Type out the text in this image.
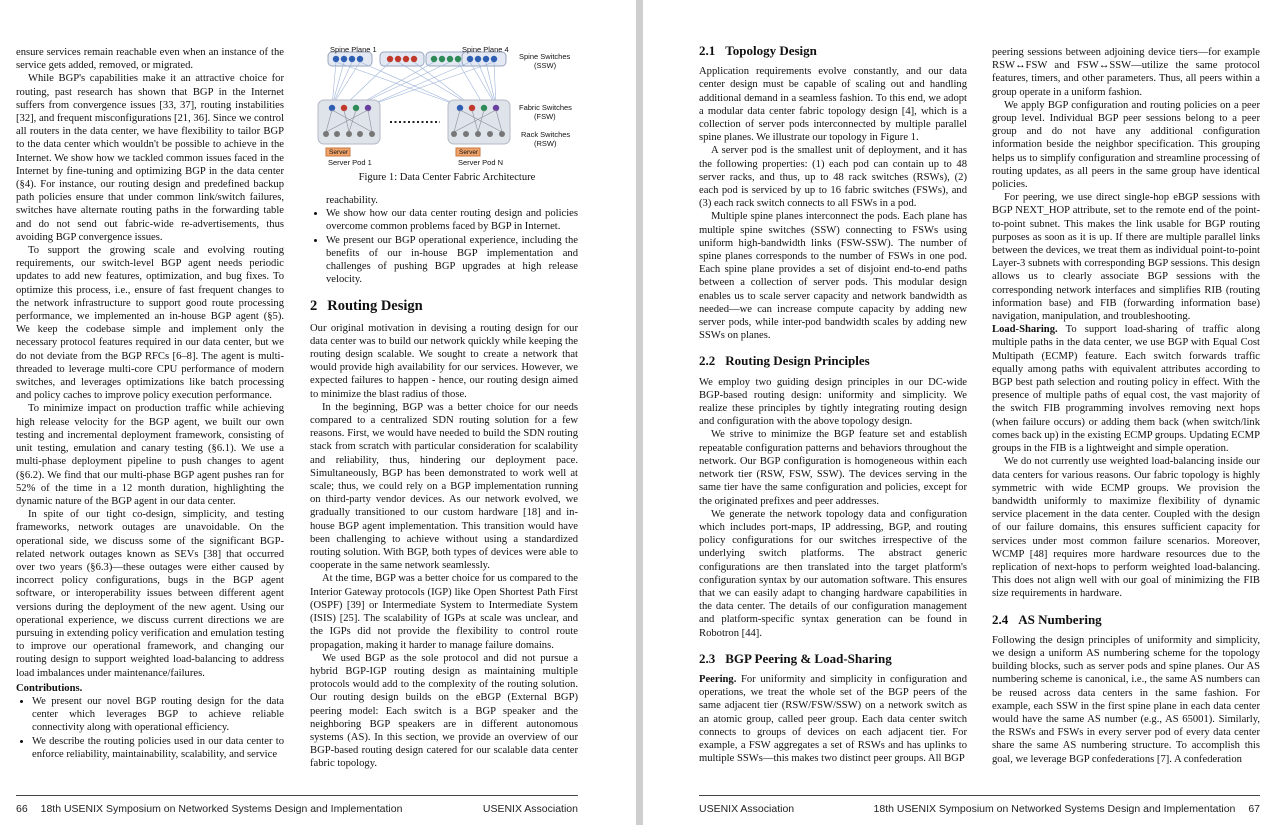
ensure services remain reachable even when an instance of the service gets added, removed, or migrated.

While BGP's capabilities make it an attractive choice for routing, past research has shown that BGP in the Internet suffers from convergence issues [33, 37], routing instabilities [32], and frequent misconfigurations [21, 36]. Since we control all routers in the data center, we have flexibility to tailor BGP to the data center which wouldn't be possible to achieve in the Internet. We show how we tackled common issues faced in the Internet by fine-tuning and optimizing BGP in the data center (§4). For instance, our routing design and predefined backup path policies ensure that under common link/switch failures, switches have alternate routing paths in the forwarding table and do not send out fabric-wide re-advertisements, thus avoiding BGP convergence issues.

To support the growing scale and evolving routing requirements, our switch-level BGP agent needs periodic updates to add new features, optimization, and bug fixes. To optimize this process, i.e., ensure of fast frequent changes to the network infrastructure to support good route processing performance, we implemented an in-house BGP agent (§5). We keep the codebase simple and implement only the necessary protocol features required in our data center, but we do not deviate from the BGP RFCs [6–8]. The agent is multi-threaded to leverage multi-core CPU performance of modern switches, and leverages optimizations like batch processing and policy caches to improve policy execution performance.

To minimize impact on production traffic while achieving high release velocity for the BGP agent, we built our own testing and incremental deployment framework, consisting of unit testing, emulation and canary testing (§6.1). We use a multi-phase deployment pipeline to push changes to agent (§6.2). We find that our multi-phase BGP agent pushes ran for 52% of the time in a 12 month duration, highlighting the dynamic nature of the BGP agent in our data center.

In spite of our tight co-design, simplicity, and testing frameworks, network outages are unavoidable. On the operational side, we discuss some of the significant BGP-related network outages known as SEVs [38] that occurred over two years (§6.3)—these outages were either caused by incorrect policy configurations, bugs in the BGP agent software, or interoperability issues between different agent versions during the deployment of the new agent. Using our operational experience, we discuss current directions we are pursuing in extending policy verification and emulation testing to improve our operational framework, and changing our routing design to support weighted load-balancing to address load imbalances under maintenance/failures.

Contributions.
• We present our novel BGP routing design for the data center which leverages BGP to achieve reliable connectivity along with operational efficiency.
• We describe the routing policies used in our data center to enforce reliability, maintainability, scalability, and service
Spine Plane 1	Spine Plane 4
Spine Switches
(SSW)
Fabric Switches
(FSW)
Rack Switches
(RSW)
Server	Server
Server Pod 1	Server Pod N
Figure 1: Data Center Fabric Architecture

reachability.

• We show how our data center routing design and policies overcome common problems faced by BGP in Internet.
• We present our BGP operational experience, including the benefits of our in-house BGP implementation and challenges of pushing BGP upgrades at high release velocity.
2 Routing Design

Our original motivation in devising a routing design for our data center was to build our network quickly while keeping the routing design scalable. We sought to create a network that would provide high availability for our services. However, we expected failures to happen - hence, our routing design aimed to minimize the blast radius of those.

In the beginning, BGP was a better choice for our needs compared to a centralized SDN routing solution for a few reasons. First, we would have needed to build the SDN routing stack from scratch with particular consideration for scalability and reliability, thus, hindering our deployment pace. Simultaneously, BGP has been demonstrated to work well at scale; thus, we could rely on a BGP implementation running on third-party vendor devices. As our network evolved, we gradually transitioned to our custom hardware [18] and in-house BGP agent implementation. This transition would have been challenging to achieve without using a standardized routing solution. With BGP, both types of devices were able to cooperate in the same network seamlessly.

At the time, BGP was a better choice for us compared to the Interior Gateway protocols (IGP) like Open Shortest Path First (OSPF) [39] or Intermediate System to Intermediate System (ISIS) [25]. The scalability of IGPs at scale was unclear, and the IGPs did not provide the flexibility to control route propagation, making it harder to manage failure domains.

We used BGP as the sole protocol and did not pursue a hybrid BGP-IGP routing design as maintaining multiple protocols would add to the complexity of the routing solution. Our routing design builds on the eBGP (External BGP) peering model: Each switch is a BGP speaker and the neighboring BGP speakers are in different autonomous systems (AS). In this section, we provide an overview of our BGP-based routing design catered for our scalable data center fabric topology.

66 18th USENIX Symposium on Networked Systems Design and Implementation	USENIX Association
2.1 Topology Design

Application requirements evolve constantly, and our data center design must be capable of scaling out and handling additional demand in a seamless fashion. To this end, we adopt a modular data center fabric topology design [4], which is a collection of server pods interconnected by multiple parallel spine planes. We illustrate our topology in Figure 1.

A server pod is the smallest unit of deployment, and it has the following properties: (1) each pod can contain up to 48 server racks, and thus, up to 48 rack switches (RSWs), (2) each pod is serviced by up to 16 fabric switches (FSWs), and (3) each rack switch connects to all FSWs in a pod.

Multiple spine planes interconnect the pods. Each plane has multiple spine switches (SSW) connecting to FSWs using uniform high-bandwidth links (FSW-SSW). The number of spine planes corresponds to the number of FSWs in one pod. Each spine plane provides a set of disjoint end-to-end paths between a collection of server pods. This modular design enables us to scale server capacity and network bandwidth as needed—we can increase compute capacity by adding new server pods, while inter-pod bandwidth scales by adding new SSWs on planes.

2.2 Routing Design Principles

We employ two guiding design principles in our DC-wide BGP-based routing design: uniformity and simplicity. We realize these principles by tightly integrating routing design and configuration with the above topology design.

We strive to minimize the BGP feature set and establish repeatable configuration patterns and behaviors throughout the network. Our BGP configuration is homogeneous within each network tier (RSW, FSW, SSW). The devices serving in the same tier have the same configuration and policies, except for the originated prefixes and peer addresses.

We generate the network topology data and configuration which includes port-maps, IP addressing, BGP, and routing policy configurations for our switches irrespective of the underlying switch platforms. The abstract generic configurations are then translated into the target platform's configuration syntax by our automation software. This ensures that we can easily adapt to changing hardware capabilities in the data center. The details of our configuration management and platform-specific syntax generation can be found in Robotron [44].

2.3 BGP Peering & Load-Sharing

Peering. For uniformity and simplicity in configuration and operations, we treat the whole set of the BGP peers of the same adjacent tier (RSW/FSW/SSW) on a network switch as an atomic group, called peer group. Each data center switch connects to groups of devices on each adjacent tier. For example, a FSW aggregates a set of RSWs and has uplinks to multiple SSWs—this makes two distinct peer groups. All BGP

peering sessions between adjoining device tiers—for example RSW↔FSW and FSW↔SSW—utilize the same protocol features, timers, and other parameters. Thus, all peers within a group operate in a uniform fashion.

We apply BGP configuration and routing policies on a peer group level. Individual BGP peer sessions belong to a peer group and do not have any additional configuration information beside the neighbor specification. This grouping helps us to simplify configuration and streamline processing of routing updates, as all peers in the same group have identical policies.

For peering, we use direct single-hop eBGP sessions with BGP NEXT_HOP attribute, set to the remote end of the point-to-point subnet. This makes the link usable for BGP routing purposes as soon as it is up. If there are multiple parallel links between the devices, we treat them as individual point-to-point Layer-3 subnets with corresponding BGP sessions. This design allows us to clearly associate BGP sessions with the corresponding network interfaces and simplifies RIB (routing information base) and FIB (forwarding information base) navigation, manipulation, and troubleshooting.

Load-Sharing. To support load-sharing of traffic along multiple paths in the data center, we use BGP with Equal Cost Multipath (ECMP) feature. Each switch forwards traffic equally among paths with equivalent attributes according to BGP best path selection and routing policy in effect. With the presence of multiple paths of equal cost, the vast majority of the switch FIB programming involves removing next hops (when failure occurs) or adding them back (when switch/link comes back up) in the existing ECMP groups. Updating ECMP groups in the FIB is a lightweight and simple operation.

We do not currently use weighted load-balancing inside our data centers for various reasons. Our fabric topology is highly symmetric with wide ECMP groups. We provision the bandwidth uniformly to maximize flexibility of dynamic service placement in the data center. Coupled with the design of our failure domains, this ensures sufficient capacity for services under most common failure scenarios. Moreover, WCMP [48] requires more hardware resources due to the replication of next-hops to perform weighted load-balancing. This does not align well with our goal of minimizing the FIB size requirements in hardware.

2.4 AS Numbering

Following the design principles of uniformity and simplicity, we design a uniform AS numbering scheme for the topology building blocks, such as server pods and spine planes. Our AS numbering scheme is canonical, i.e., the same AS numbers can be reused across data centers in the same fashion. For example, each SSW in the first spine plane in each data center would have the same AS number (e.g., AS 65001). Similarly, the RSWs and FSWs in every server pod of every data center share the same AS numbering structure. To accomplish this goal, we leverage BGP confederations [7]. A confederation

USENIX Association	18th USENIX Symposium on Networked Systems Design and Implementation 67
